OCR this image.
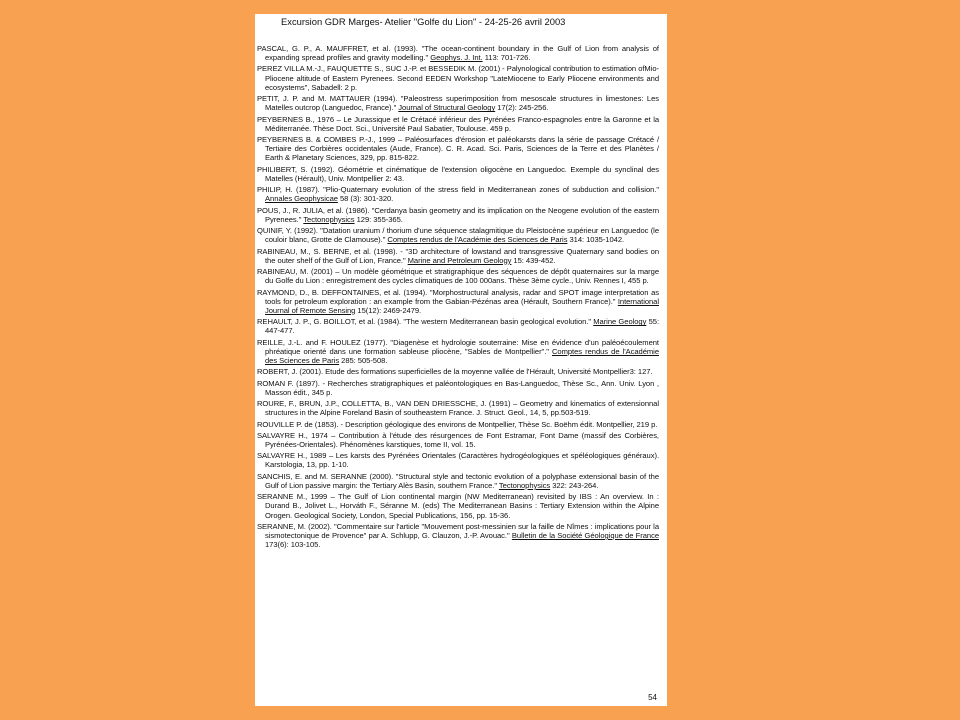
Excursion GDR Marges- Atelier "Golfe du Lion" - 24-25-26 avril 2003
PASCAL, G. P., A. MAUFFRET, et al. (1993). "The ocean-continent boundary in the Gulf of Lion from analysis of expanding spread profiles and gravity modelling." Geophys. J. Int. 113: 701-726.
PEREZ VILLA M.-J., FAUQUETTE S., SUC J.-P. et BESSEDIK M. (2001) - Palynological contribution to estimation ofMio-Pliocene altitude of Eastern Pyrenees. Second EEDEN Workshop "LateMiocene to Early Pliocene environments and ecosystems", Sabadell: 2 p.
PETIT, J. P. and M. MATTAUER (1994). "Paleostress superimposition from mesoscale structures in limestones: Les Matelles outcrop (Languedoc, France)." Journal of Structural Geology 17(2): 245-256.
PEYBERNES B., 1976 – Le Jurassique et le Crétacé inférieur des Pyrénées Franco-espagnoles entre la Garonne et la Méditerranée. Thèse Doct. Sci., Université Paul Sabatier, Toulouse. 459 p.
PEYBERNES B. & COMBES P.-J., 1999 – Paléosurfaces d'érosion et paléokarsts dans la série de passage Crétacé / Tertiaire des Corbières occidentales (Aude, France). C. R. Acad. Sci. Paris, Sciences de la Terre et des Planètes / Earth & Planetary Sciences, 329, pp. 815-822.
PHILIBERT, S. (1992). Géométrie et cinématique de l'extension oligocène en Languedoc. Exemple du synclinal des Matelles (Hérault), Univ. Montpellier 2: 43.
PHILIP, H. (1987). "Plio-Quaternary evolution of the stress field in Mediterranean zones of subduction and collision." Annales Geophysicae 58 (3): 301-320.
POUS, J., R. JULIA, et al. (1986). "Cerdanya basin geometry and its implication on the Neogene evolution of the eastern Pyrenees." Tectonophysics 129: 355-365.
QUINIF, Y. (1992). "Datation uranium / thorium d'une séquence stalagmitique du Pleistocène supérieur en Languedoc (le couloir blanc, Grotte de Clamouse)." Comptes rendus de l'Académie des Sciences de Paris 314: 1035-1042.
RABINEAU, M., S. BERNE, et al. (1998). - "3D architecture of lowstand and transgressive Quaternary sand bodies on the outer shelf of the Gulf of Lion, France." Marine and Petroleum Geology 15: 439-452.
RABINEAU, M. (2001) – Un modèle géométrique et stratigraphique des séquences de dépôt quaternaires sur la marge du Golfe du Lion : enregistrement des cycles climatiques de 100 000ans. Thèse 3ème cycle., Univ. Rennes I, 455 p.
RAYMOND, D., B. DEFFONTAINES, et al. (1994). "Morphostructural analysis, radar and SPOT image interpretation as tools for petroleum exploration : an example from the Gabian-Pézénas area (Hérault, Southern France)." International Journal of Remote Sensing 15(12): 2469-2479.
REHAULT, J. P., G. BOILLOT, et al. (1984). "The western Mediterranean basin geological evolution." Marine Geology 55: 447-477.
REILLE, J.-L. and F. HOULEZ (1977). "Diagenèse et hydrologie souterraine: Mise en évidence d'un paléoécoulement phréatique orienté dans une formation sableuse pliocène, "Sables de Montpellier"." Comptes rendus de l'Académie des Sciences de Paris 285: 505-508.
ROBERT, J. (2001). Etude des formations superficielles de la moyenne vallée de l'Hérault, Université Montpellier3: 127.
ROMAN F. (1897). - Recherches stratigraphiques et paléontologiques en Bas-Languedoc, Thèse Sc., Ann. Univ. Lyon , Masson édit., 345 p.
ROURE, F., BRUN, J.P., COLLETTA, B., VAN DEN DRIESSCHE, J. (1991) – Geometry and kinematics of extensionnal structures in the Alpine Foreland Basin of southeastern France. J. Struct. Geol., 14, 5, pp.503-519.
ROUVILLE P. de (1853). - Description géologique des environs de Montpellier, Thèse Sc. Boëhm édit. Montpellier, 219 p.
SALVAYRE H., 1974 – Contribution à l'étude des résurgences de Font Estramar, Font Dame (massif des Corbières, Pyrénées-Orientales). Phénomènes karstiques, tome II, vol. 15.
SALVAYRE H., 1989 – Les karsts des Pyrénées Orientales (Caractères hydrogéologiques et spéléologiques généraux). Karstologia, 13, pp. 1-10.
SANCHIS, E. and M. SERANNE (2000). "Structural style and tectonic evolution of a polyphase extensional basin of the Gulf of Lion passive margin: the Tertiary Alès Basin, southern France." Tectonophysics 322: 243-264.
SERANNE M., 1999 – The Gulf of Lion continental margin (NW Mediterranean) revisited by IBS : An overview. In : Durand B., Jolivet L., Horváth F., Séranne M. (eds) The Mediterranean Basins : Tertiary Extension within the Alpine Orogen. Geological Society, London, Special Publications, 156, pp. 15-36.
SERANNE, M. (2002). "Commentaire sur l'article "Mouvement post-messinien sur la faille de Nîmes : implications pour la sismotectonique de Provence" par A. Schlupp, G. Clauzon, J.-P. Avouac." Bulletin de la Société Géologique de France 173(6): 103-105.
54
